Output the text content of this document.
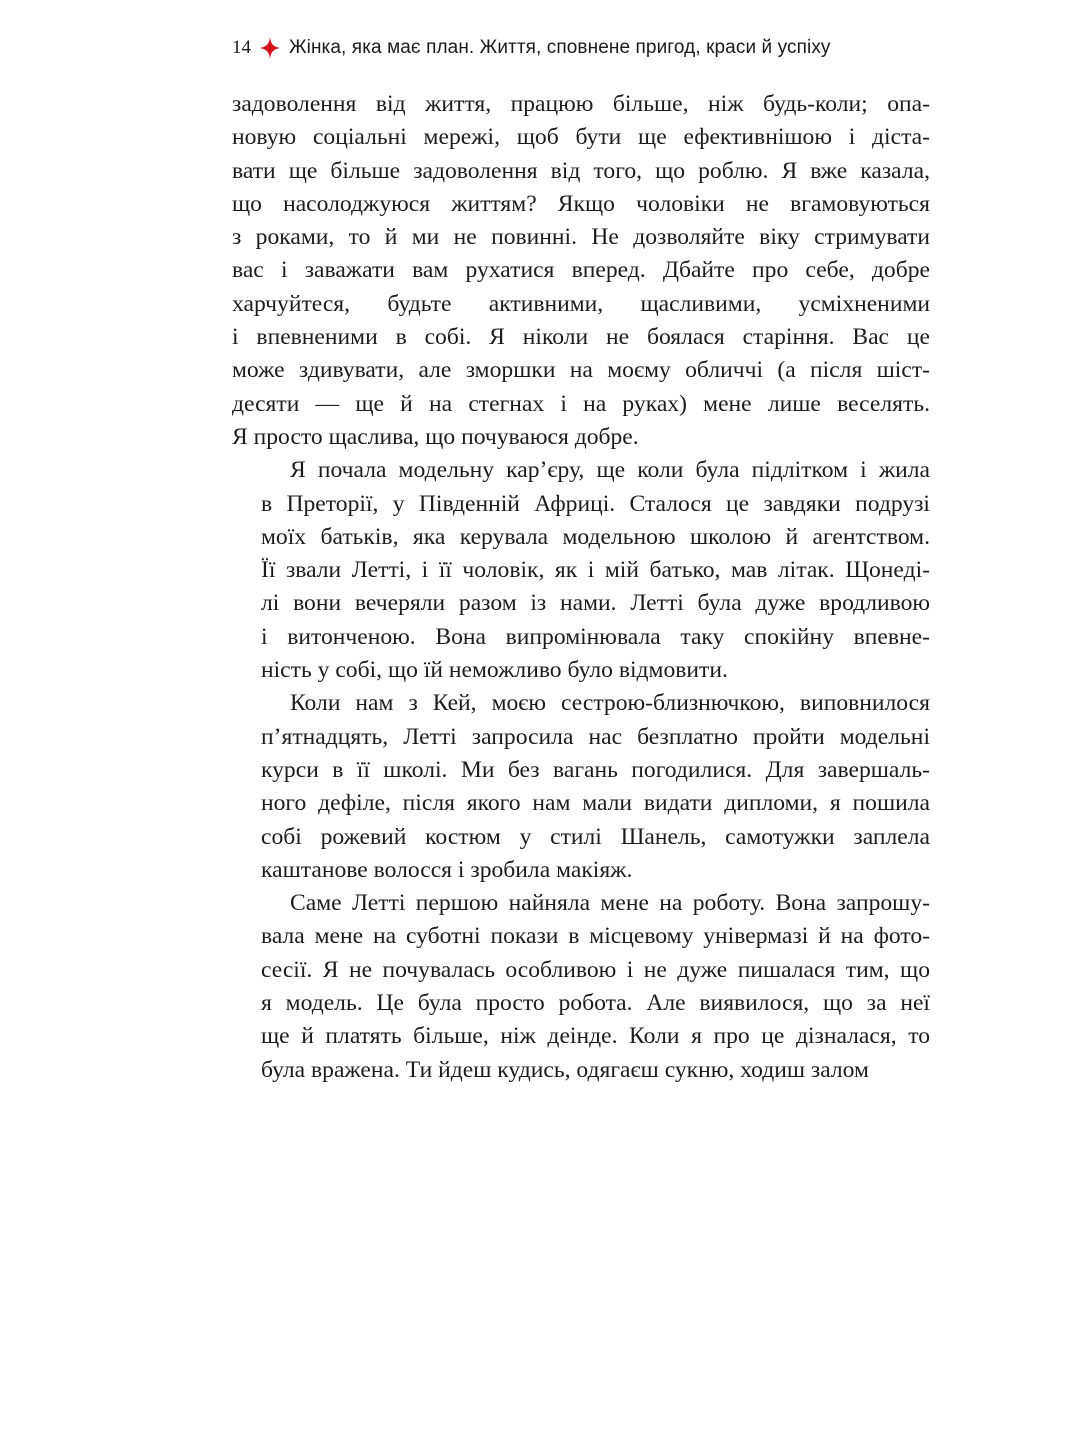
14 Жінка, яка має план. Життя, сповнене пригод, краси й успіху

задоволення від життя, працюю більше, ніж будь-коли; опа-
новую соціальні мережі, щоб бути ще ефективнішою і діста-
вати ще більше задоволення від того, що роблю. Я вже казала,
що насолоджуюся життям? Якщо чоловіки не вгамовуються
з роками, то й ми не повинні. Не дозволяйте віку стримувати
вас і заважати вам рухатися вперед. Дбайте про себе, добре
харчуйтеся, будьте активними, щасливими, усміхненими
і впевненими в собі. Я ніколи не боялася старіння. Вас це
може здивувати, але зморшки на моєму обличчі (а після шіст-
десяти — ще й на стегнах і на руках) мене лише веселять.
Я просто щаслива, що почуваюся добре.

Я почала модельну кар’єру, ще коли була підлітком і жила
в Преторії, у Південній Африці. Сталося це завдяки подрузі
моїх батьків, яка керувала модельною школою й агентством.
Її звали Летті, і її чоловік, як і мій батько, мав літак. Щонеді-
лі вони вечеряли разом із нами. Летті була дуже вродливою
і витонченою. Вона випромінювала таку спокійну впевне-
ність у собі, що їй неможливо було відмовити.

Коли нам з Кей, моєю сестрою-близнючкою, виповнилося
п’ятнадцять, Летті запросила нас безплатно пройти модельні
курси в її школі. Ми без вагань погодилися. Для завершаль-
ного дефіле, після якого нам мали видати дипломи, я пошила
собі рожевий костюм у стилі Шанель, самотужки заплела
каштанове волосся і зробила макіяж.

Саме Летті першою найняла мене на роботу. Вона запрошу-
вала мене на суботні покази в місцевому універмазі й на фото-
сесії. Я не почувалась особливою і не дуже пишалася тим, що
я модель. Це була просто робота. Але виявилося, що за неї
ще й платять більше, ніж деінде. Коли я про це дізналася, то
була вражена. Ти йдеш кудись, одягаєш сукню, ходиш залом
